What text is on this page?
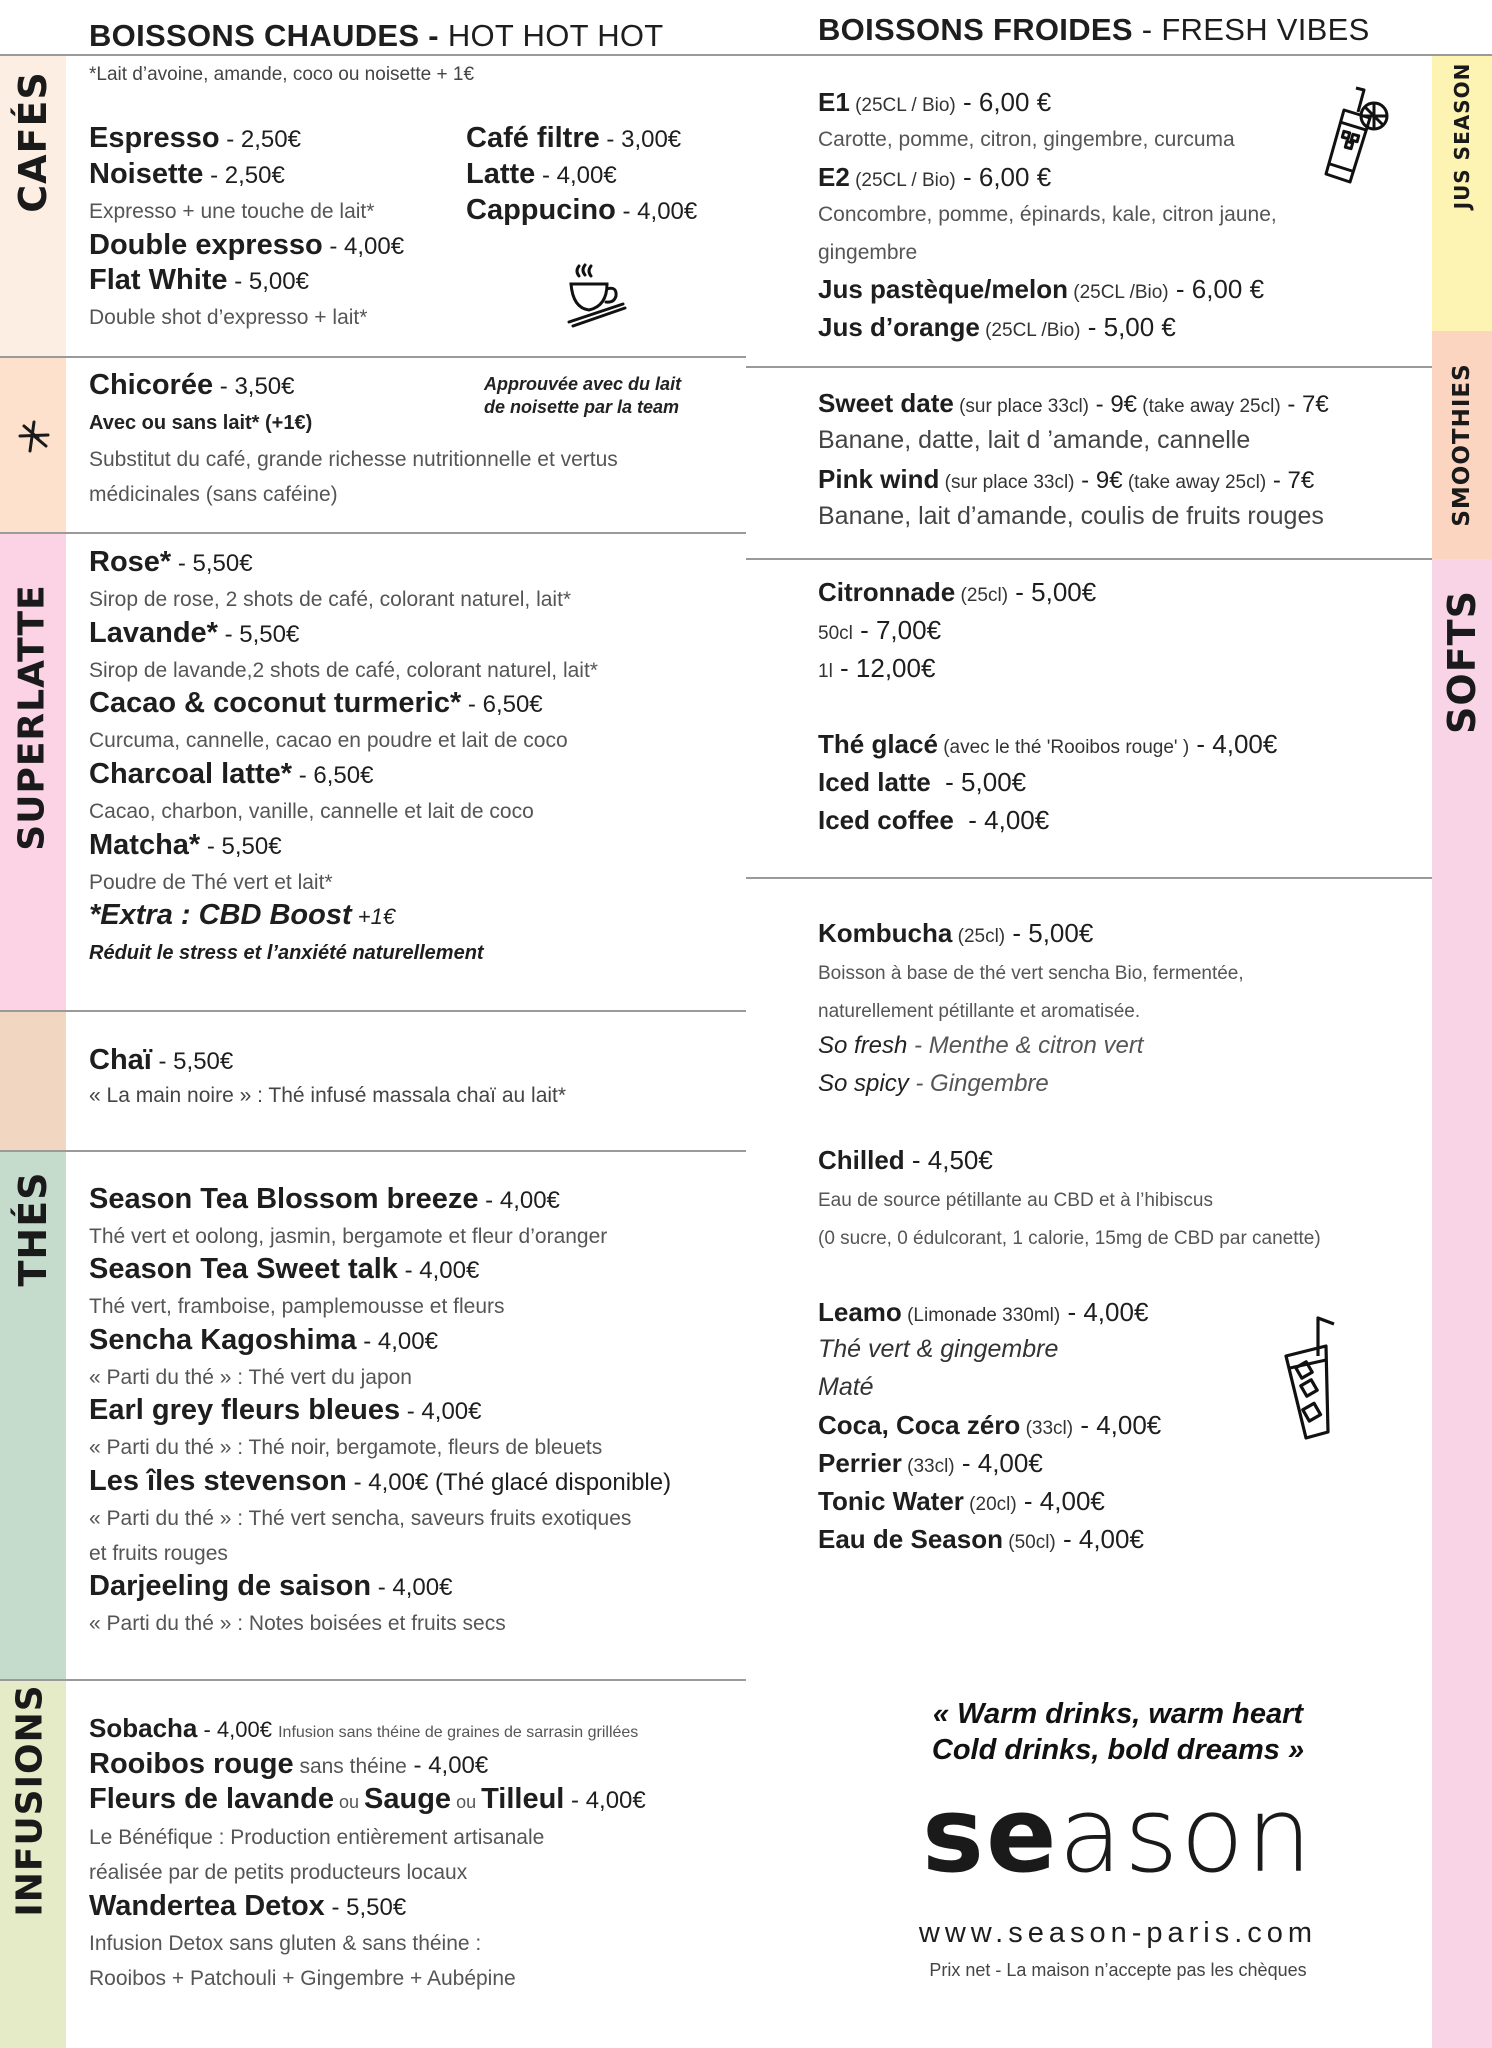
CAFÉS
SUPERLATTE
THÉS
INFUSIONS
JUS SEASON
SMOOTHIES
SOFTS
BOISSONS CHAUDES - HOT HOT HOT	BOISSONS FROIDES - FRESH VIBES
*Lait d’avoine, amande, coco ou noisette + 1€
Espresso - 2,50€
Noisette - 2,50€
Expresso + une touche de lait*
Double expresso - 4,00€
Flat White - 5,00€
Double shot d’expresso + lait*
Café filtre - 3,00€
Latte - 4,00€
Cappucino - 4,00€
Chicorée - 3,50€
Avec ou sans lait* (+1€)
Substitut du café, grande richesse nutritionnelle et vertus
médicinales (sans caféine)
Approuvée avec du lait
de noisette par la team
Rose* - 5,50€
Sirop de rose, 2 shots de café, colorant naturel, lait*
Lavande* - 5,50€
Sirop de lavande,2 shots de café, colorant naturel, lait*
Cacao & coconut turmeric* - 6,50€
Curcuma, cannelle, cacao en poudre et lait de coco
Charcoal latte* - 6,50€
Cacao, charbon, vanille, cannelle et lait de coco
Matcha* - 5,50€
Poudre de Thé vert et lait*
*Extra : CBD Boost +1€
Réduit le stress et l’anxiété naturellement
Chaï - 5,50€
« La main noire » : Thé infusé massala chaï au lait*
Season Tea Blossom breeze - 4,00€
Thé vert et oolong, jasmin, bergamote et fleur d’oranger
Season Tea Sweet talk - 4,00€
Thé vert, framboise, pamplemousse et fleurs
Sencha Kagoshima - 4,00€
« Parti du thé » : Thé vert du japon
Earl grey fleurs bleues - 4,00€
« Parti du thé » : Thé noir, bergamote, fleurs de bleuets
Les îles stevenson - 4,00€ (Thé glacé disponible)
« Parti du thé » : Thé vert sencha, saveurs fruits exotiques
et fruits rouges
Darjeeling de saison - 4,00€
« Parti du thé » : Notes boisées et fruits secs
Sobacha - 4,00€ Infusion sans théine de graines de sarrasin grillées
Rooibos rouge sans théine - 4,00€
Fleurs de lavande ou Sauge ou Tilleul - 4,00€
Le Bénéfique : Production entièrement artisanale
réalisée par de petits producteurs locaux
Wandertea Detox - 5,50€
Infusion Detox sans gluten & sans théine :
Rooibos + Patchouli + Gingembre + Aubépine
E1 (25CL / Bio) - 6,00 €
Carotte, pomme, citron, gingembre, curcuma
E2 (25CL / Bio) - 6,00 €
Concombre, pomme, épinards, kale, citron jaune,
gingembre
Jus pastèque/melon (25CL /Bio) - 6,00 €
Jus d’orange (25CL /Bio) - 5,00 €
Sweet date (sur place 33cl) - 9€ (take away 25cl) - 7€
Banane, datte, lait d ’amande, cannelle
Pink wind (sur place 33cl) - 9€ (take away 25cl) - 7€
Banane, lait d’amande, coulis de fruits rouges
Citronnade (25cl) - 5,00€
50cl - 7,00€
1l - 12,00€
Thé glacé (avec le thé 'Rooibos rouge' ) - 4,00€
Iced latte  - 5,00€
Iced coffee  - 4,00€
Kombucha (25cl) - 5,00€
Boisson à base de thé vert sencha Bio, fermentée,
naturellement pétillante et aromatisée.
So fresh - Menthe & citron vert
So spicy - Gingembre
Chilled - 4,50€
Eau de source pétillante au CBD et à l’hibiscus
(0 sucre, 0 édulcorant, 1 calorie, 15mg de CBD par canette)
Leamo (Limonade 330ml) - 4,00€
Thé vert & gingembre
Maté
Coca, Coca zéro (33cl) - 4,00€
Perrier (33cl) - 4,00€
Tonic Water (20cl) - 4,00€
Eau de Season (50cl) - 4,00€
« Warm drinks, warm heart
Cold drinks, bold dreams »
season
www.season-paris.com
Prix net - La maison n’accepte pas les chèques
